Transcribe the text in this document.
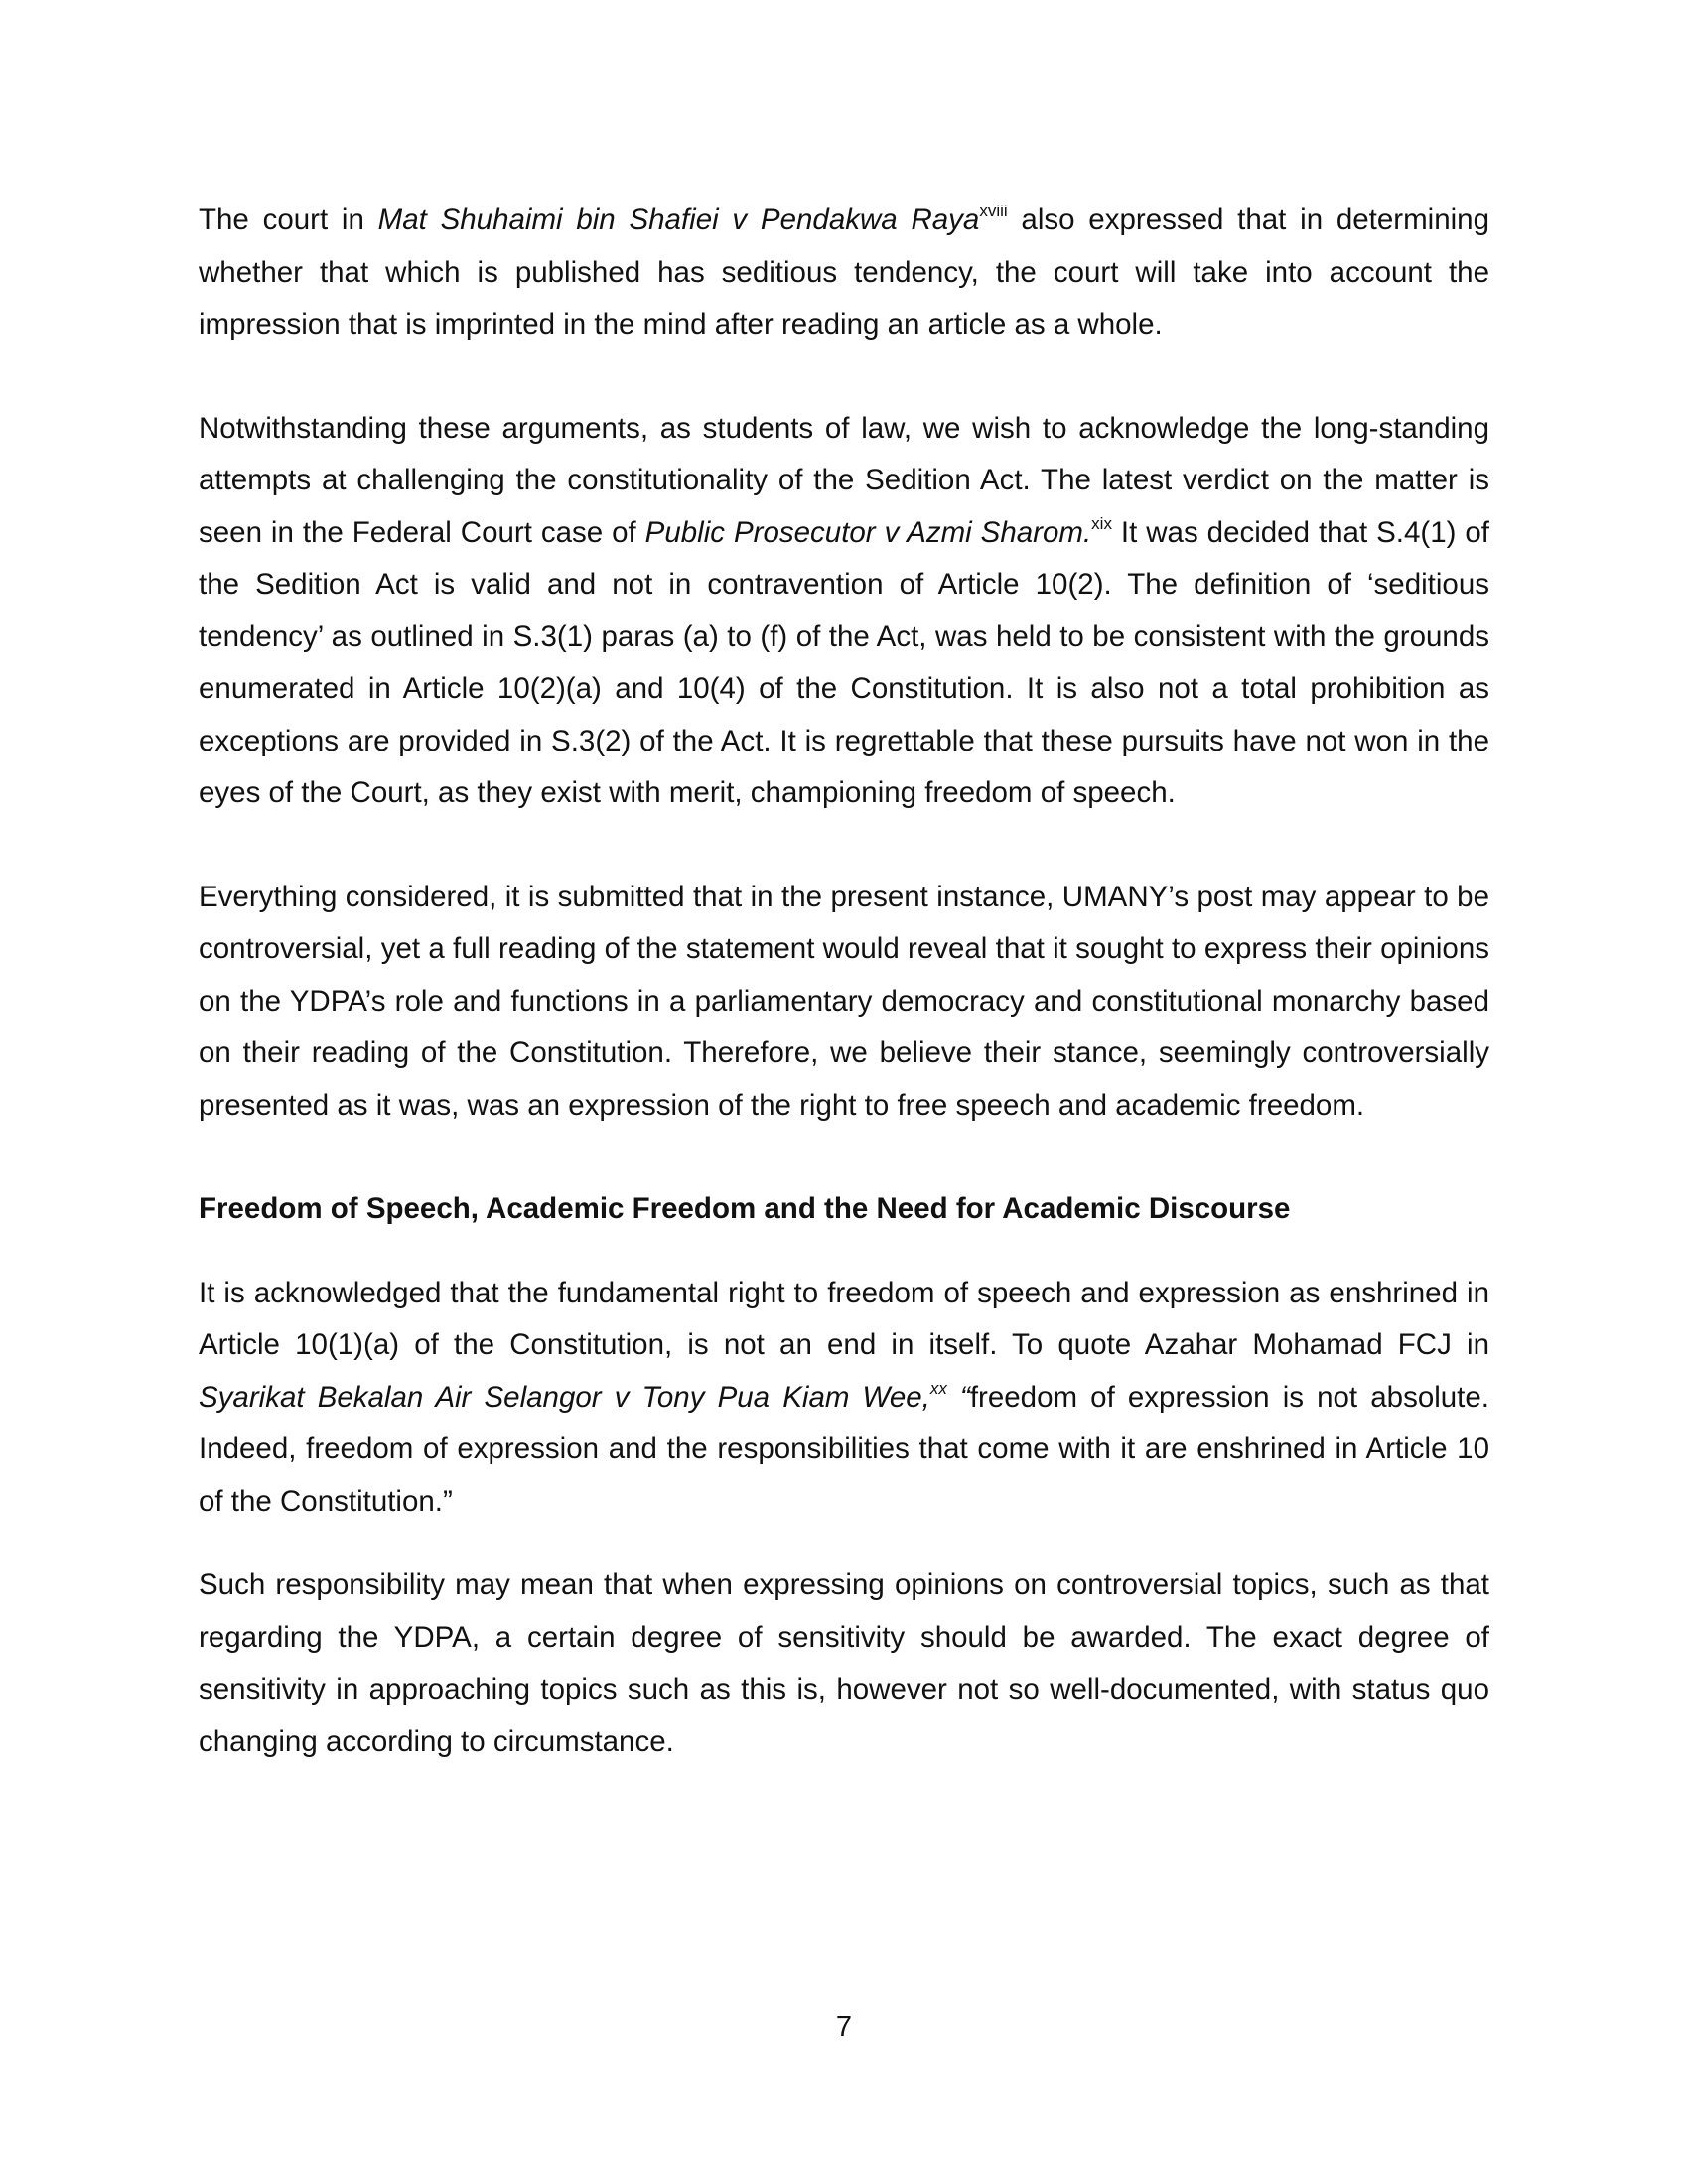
The court in Mat Shuhaimi bin Shafiei v Pendakwa Raya$^{xviii}$ also expressed that in determining whether that which is published has seditious tendency, the court will take into account the impression that is imprinted in the mind after reading an article as a whole.

Notwithstanding these arguments, as students of law, we wish to acknowledge the long-standing attempts at challenging the constitutionality of the Sedition Act. The latest verdict on the matter is seen in the Federal Court case of Public Prosecutor v Azmi Sharom.$^{xix}$ It was decided that S.4(1) of the Sedition Act is valid and not in contravention of Article 10(2). The definition of ‘seditious tendency’ as outlined in S.3(1) paras (a) to (f) of the Act, was held to be consistent with the grounds enumerated in Article 10(2)(a) and 10(4) of the Constitution. It is also not a total prohibition as exceptions are provided in S.3(2) of the Act. It is regrettable that these pursuits have not won in the eyes of the Court, as they exist with merit, championing freedom of speech.

Everything considered, it is submitted that in the present instance, UMANY’s post may appear to be controversial, yet a full reading of the statement would reveal that it sought to express their opinions on the YDPA’s role and functions in a parliamentary democracy and constitutional monarchy based on their reading of the Constitution. Therefore, we believe their stance, seemingly controversially presented as it was, was an expression of the right to free speech and academic freedom.

Freedom of Speech, Academic Freedom and the Need for Academic Discourse

It is acknowledged that the fundamental right to freedom of speech and expression as enshrined in Article 10(1)(a) of the Constitution, is not an end in itself. To quote Azahar Mohamad FCJ in Syarikat Bekalan Air Selangor v Tony Pua Kiam Wee,$^{xx}$ “freedom of expression is not absolute. Indeed, freedom of expression and the responsibilities that come with it are enshrined in Article 10 of the Constitution.”

Such responsibility may mean that when expressing opinions on controversial topics, such as that regarding the YDPA, a certain degree of sensitivity should be awarded. The exact degree of sensitivity in approaching topics such as this is, however not so well-documented, with status quo changing according to circumstance.

7
